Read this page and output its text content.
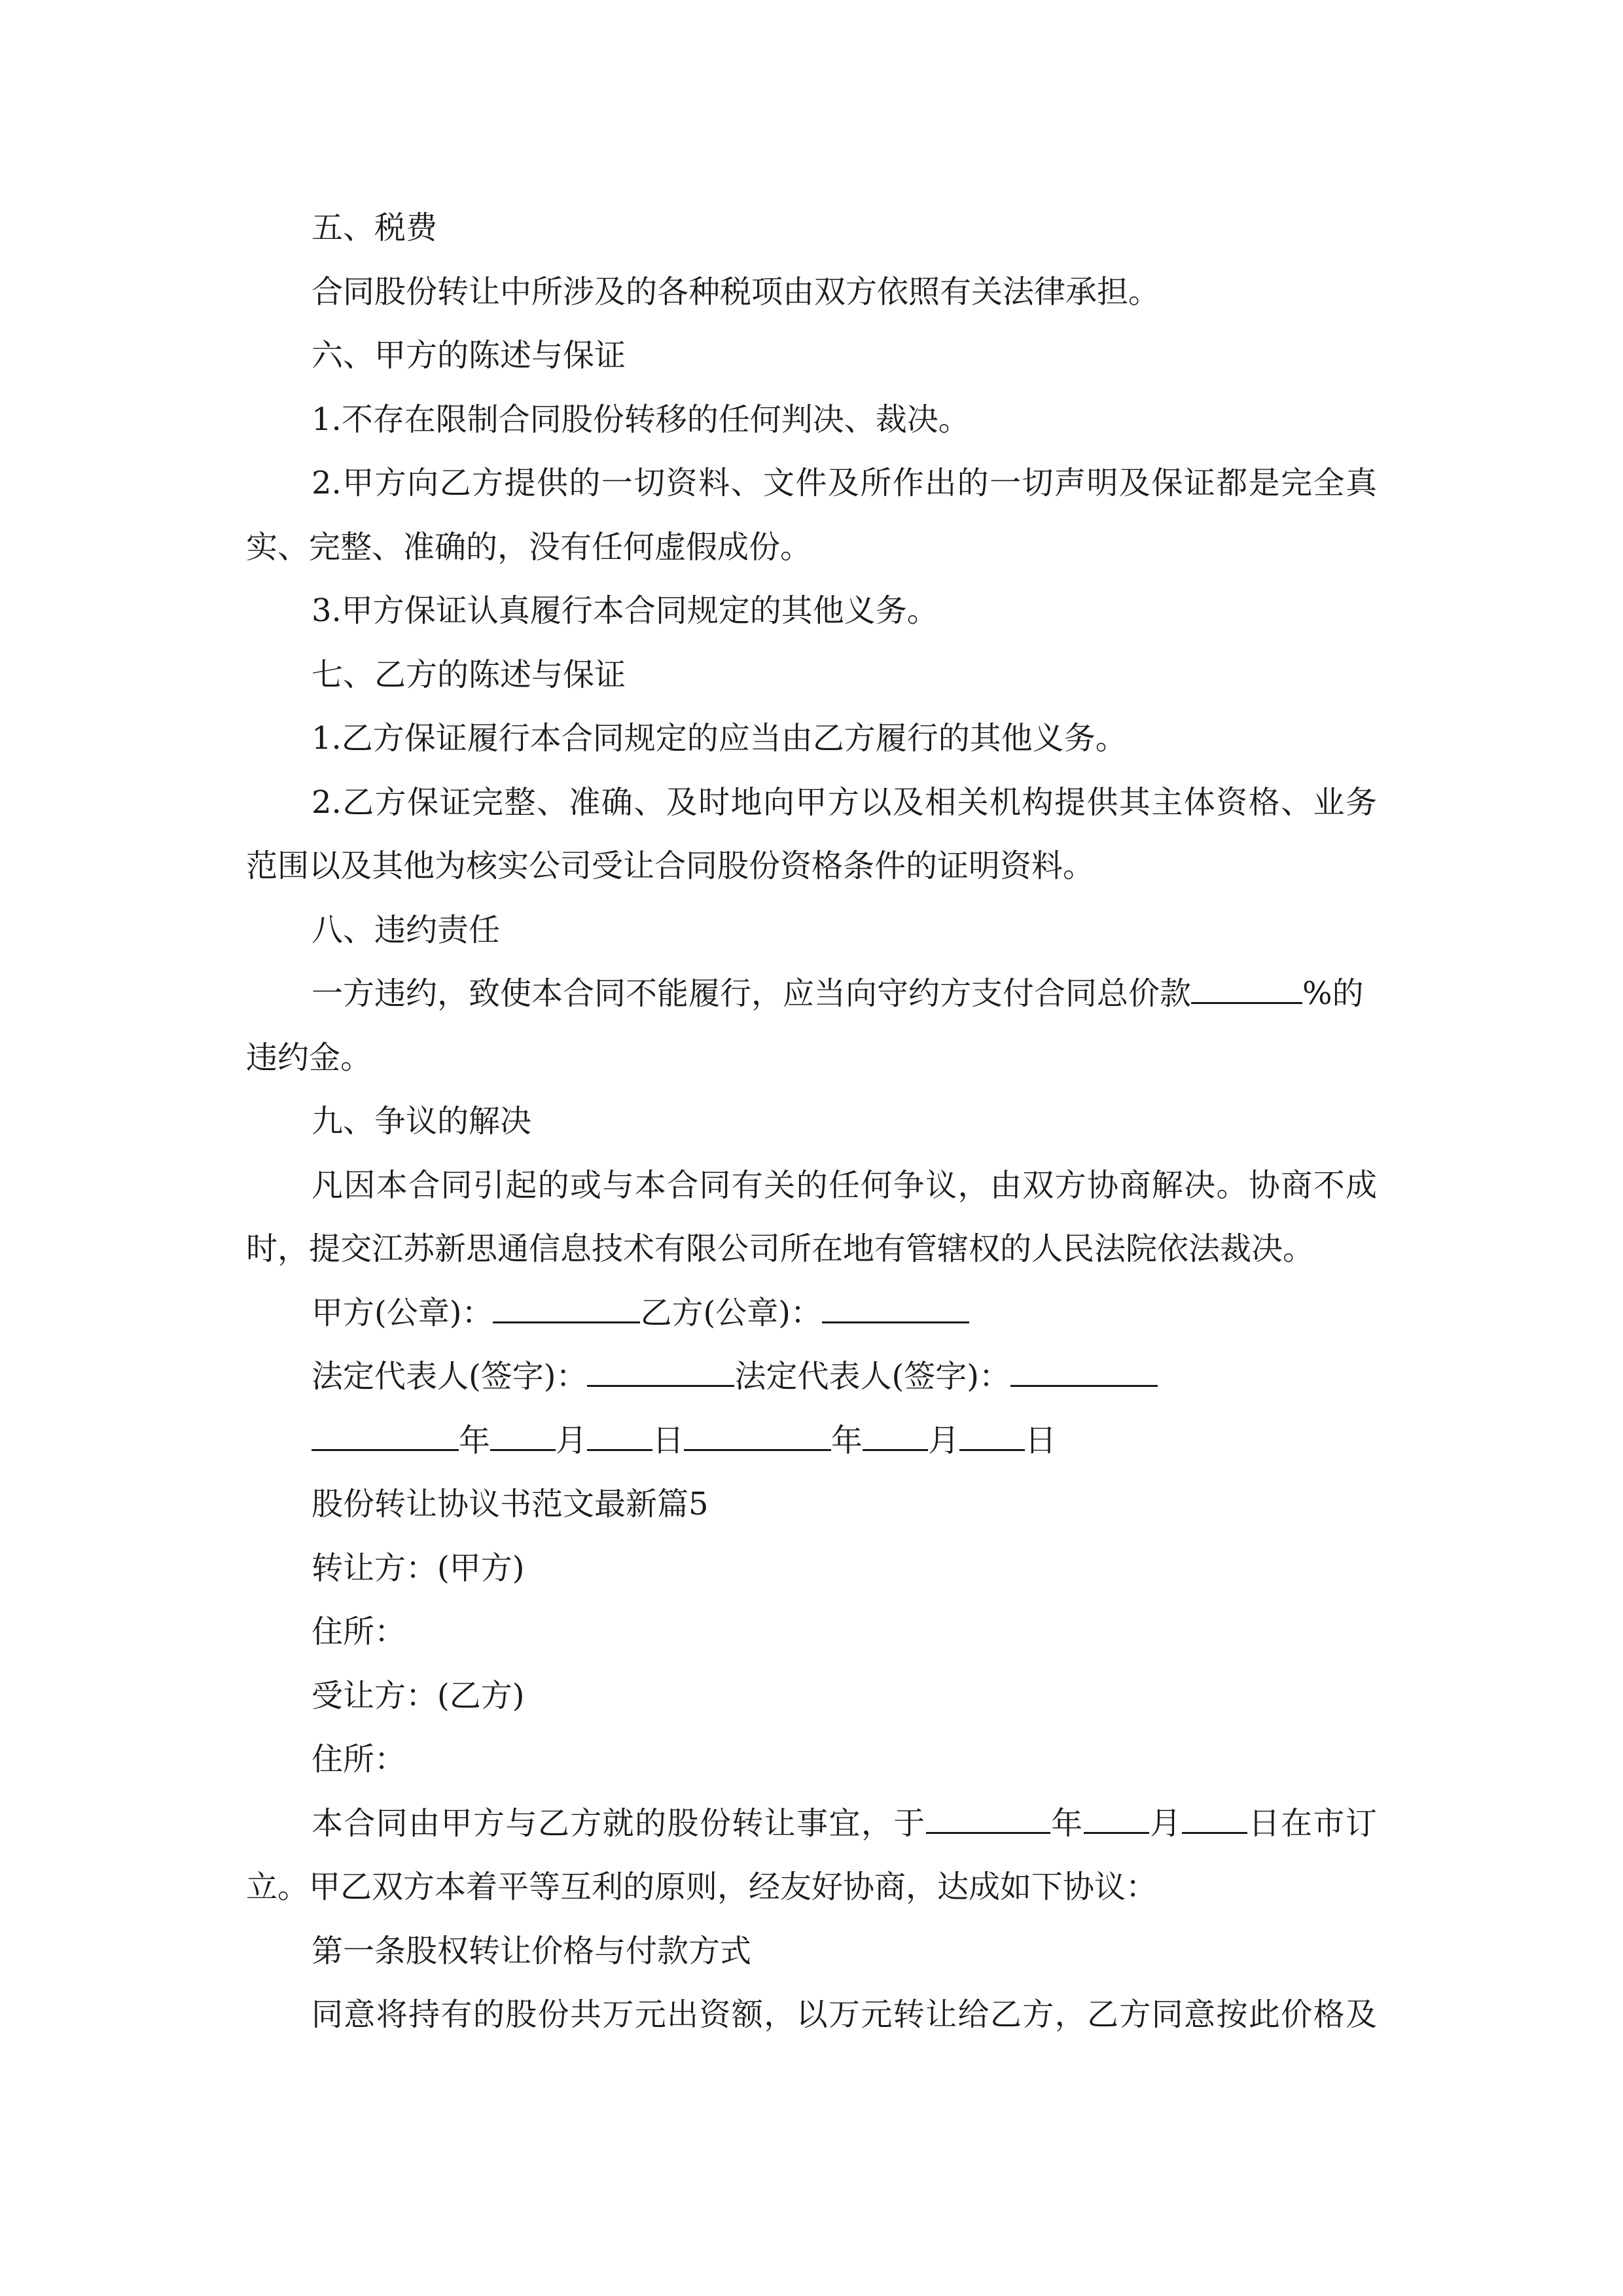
五、税费
合同股份转让中所涉及的各种税项由双方依照有关法律承担。
六、甲方的陈述与保证
1.不存在限制合同股份转移的任何判决、裁决。
2.甲方向乙方提供的一切资料、文件及所作出的一切声明及保证都是完全真
实、完整、准确的，没有任何虚假成份。
3.甲方保证认真履行本合同规定的其他义务。
七、乙方的陈述与保证
1.乙方保证履行本合同规定的应当由乙方履行的其他义务。
2.乙方保证完整、准确、及时地向甲方以及相关机构提供其主体资格、业务
范围以及其他为核实公司受让合同股份资格条件的证明资料。
八、违约责任
一方违约，致使本合同不能履行，应当向守约方支付合同总价款	%的
违约金。
九、争议的解决
凡因本合同引起的或与本合同有关的任何争议，由双方协商解决。协商不成
时，提交江苏新思通信息技术有限公司所在地有管辖权的人民法院依法裁决。
甲方(公章)：	乙方(公章)：
法定代表人(签字)：	法定代表人(签字)：
年 月 日	年 月 日
股份转让协议书范文最新篇5
转让方：(甲方)
住所：
受让方：(乙方)
住所：
本合同由甲方与乙方就的股份转让事宜，于	年 月 日在市订
立。甲乙双方本着平等互利的原则，经友好协商，达成如下协议：
第一条股权转让价格与付款方式
同意将持有的股份共万元出资额，以万元转让给乙方，乙方同意按此价格及
